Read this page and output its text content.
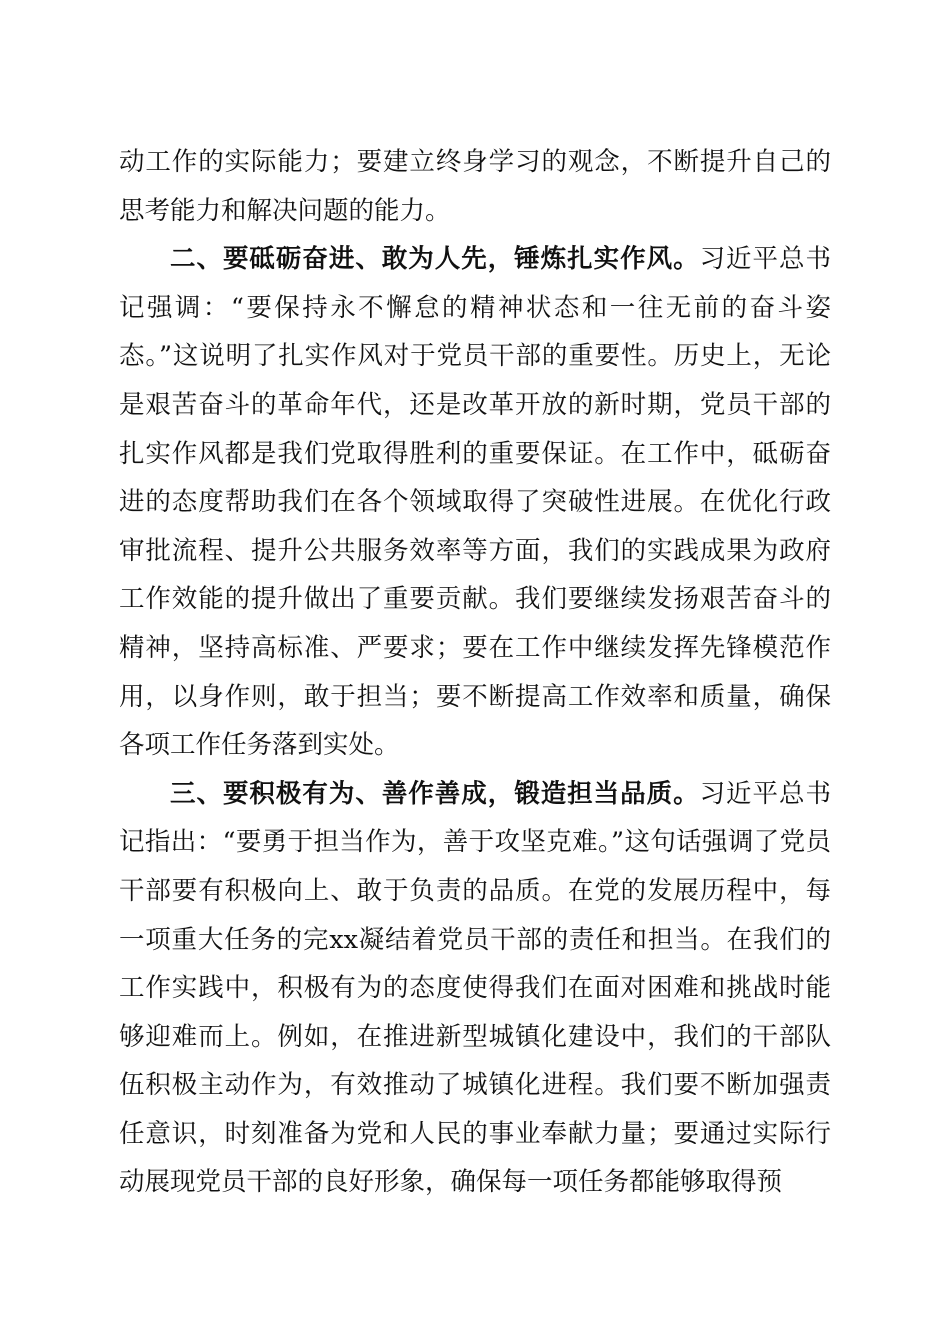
动工作的实际能力；要建立终身学习的观念，不断提升自己的思考能力和解决问题的能力。

二、要砥砺奋进、敢为人先，锤炼扎实作风。习近平总书记强调：“要保持永不懈怠的精神状态和一往无前的奋斗姿态。”这说明了扎实作风对于党员干部的重要性。历史上，无论是艰苦奋斗的革命年代，还是改革开放的新时期，党员干部的扎实作风都是我们党取得胜利的重要保证。在工作中，砥砺奋进的态度帮助我们在各个领域取得了突破性进展。在优化行政审批流程、提升公共服务效率等方面，我们的实践成果为政府工作效能的提升做出了重要贡献。我们要继续发扬艰苦奋斗的精神，坚持高标准、严要求；要在工作中继续发挥先锋模范作用，以身作则，敢于担当；要不断提高工作效率和质量，确保各项工作任务落到实处。

三、要积极有为、善作善成，锻造担当品质。习近平总书记指出：“要勇于担当作为，善于攻坚克难。”这句话强调了党员干部要有积极向上、敢于负责的品质。在党的发展历程中，每一项重大任务的完xx凝结着党员干部的责任和担当。在我们的工作实践中，积极有为的态度使得我们在面对困难和挑战时能够迎难而上。例如，在推进新型城镇化建设中，我们的干部队伍积极主动作为，有效推动了城镇化进程。我们要不断加强责任意识，时刻准备为党和人民的事业奉献力量；要通过实际行动展现党员干部的良好形象，确保每一项任务都能够取得预
